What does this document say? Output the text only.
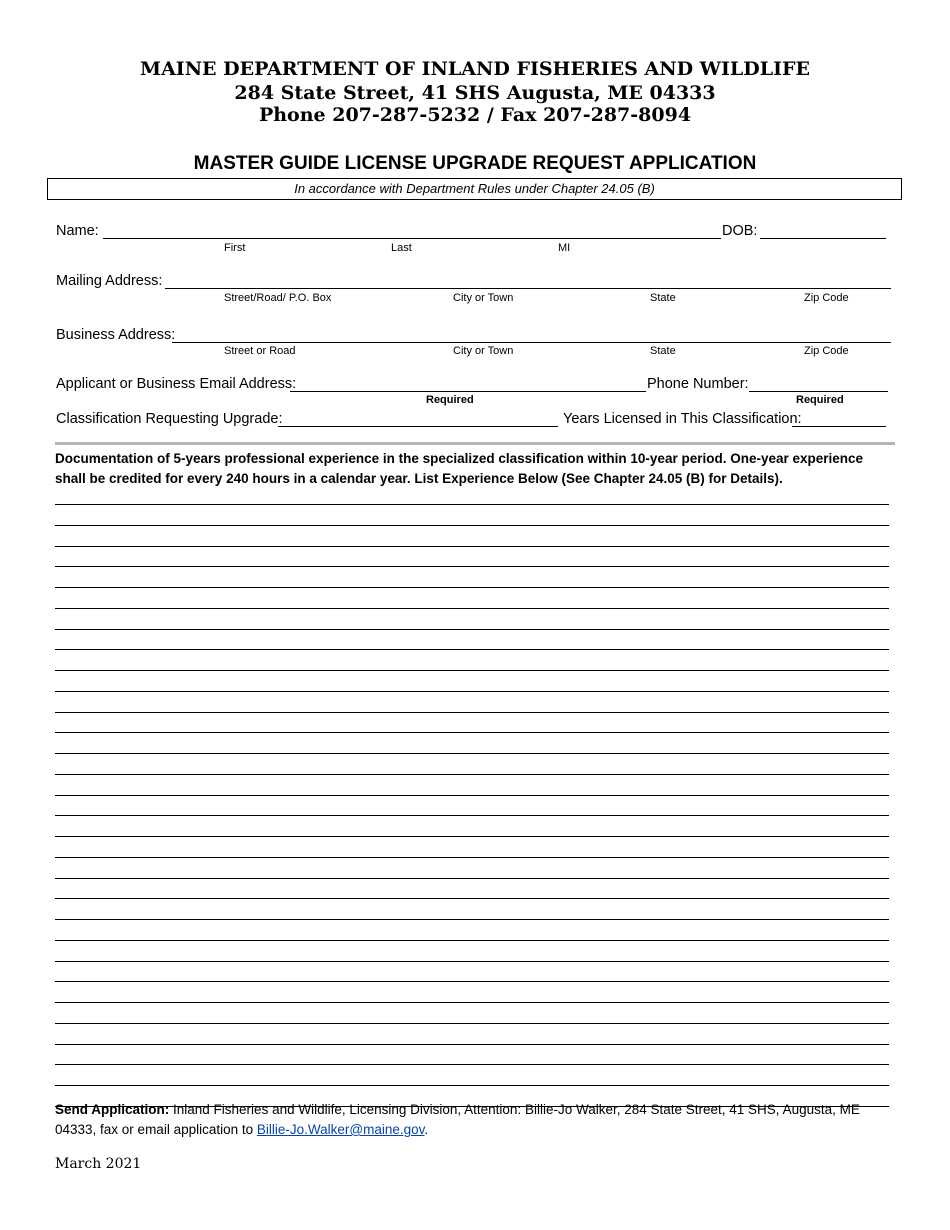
MAINE DEPARTMENT OF INLAND FISHERIES AND WILDLIFE
284 State Street, 41 SHS Augusta, ME 04333
Phone 207-287-5232 / Fax 207-287-8094
MASTER GUIDE LICENSE UPGRADE REQUEST APPLICATION
In accordance with Department Rules under Chapter 24.05 (B)
Name:	DOB:
First	Last	MI
Mailing Address:
Street/Road/ P.O. Box	City or Town	State	Zip Code
Business Address:
Street or Road	City or Town	State	Zip Code
Applicant or Business Email Address:	Phone Number:
Required	Required
Classification Requesting Upgrade:	Years Licensed in This Classification:
Documentation of 5-years professional experience in the specialized classification within 10-year period. One-year experience shall be credited for every 240 hours in a calendar year. List Experience Below (See Chapter 24.05 (B) for Details).
Send Application: Inland Fisheries and Wildlife, Licensing Division, Attention: Billie-Jo Walker, 284 State Street, 41 SHS, Augusta, ME 04333, fax or email application to Billie-Jo.Walker@maine.gov.
March 2021
